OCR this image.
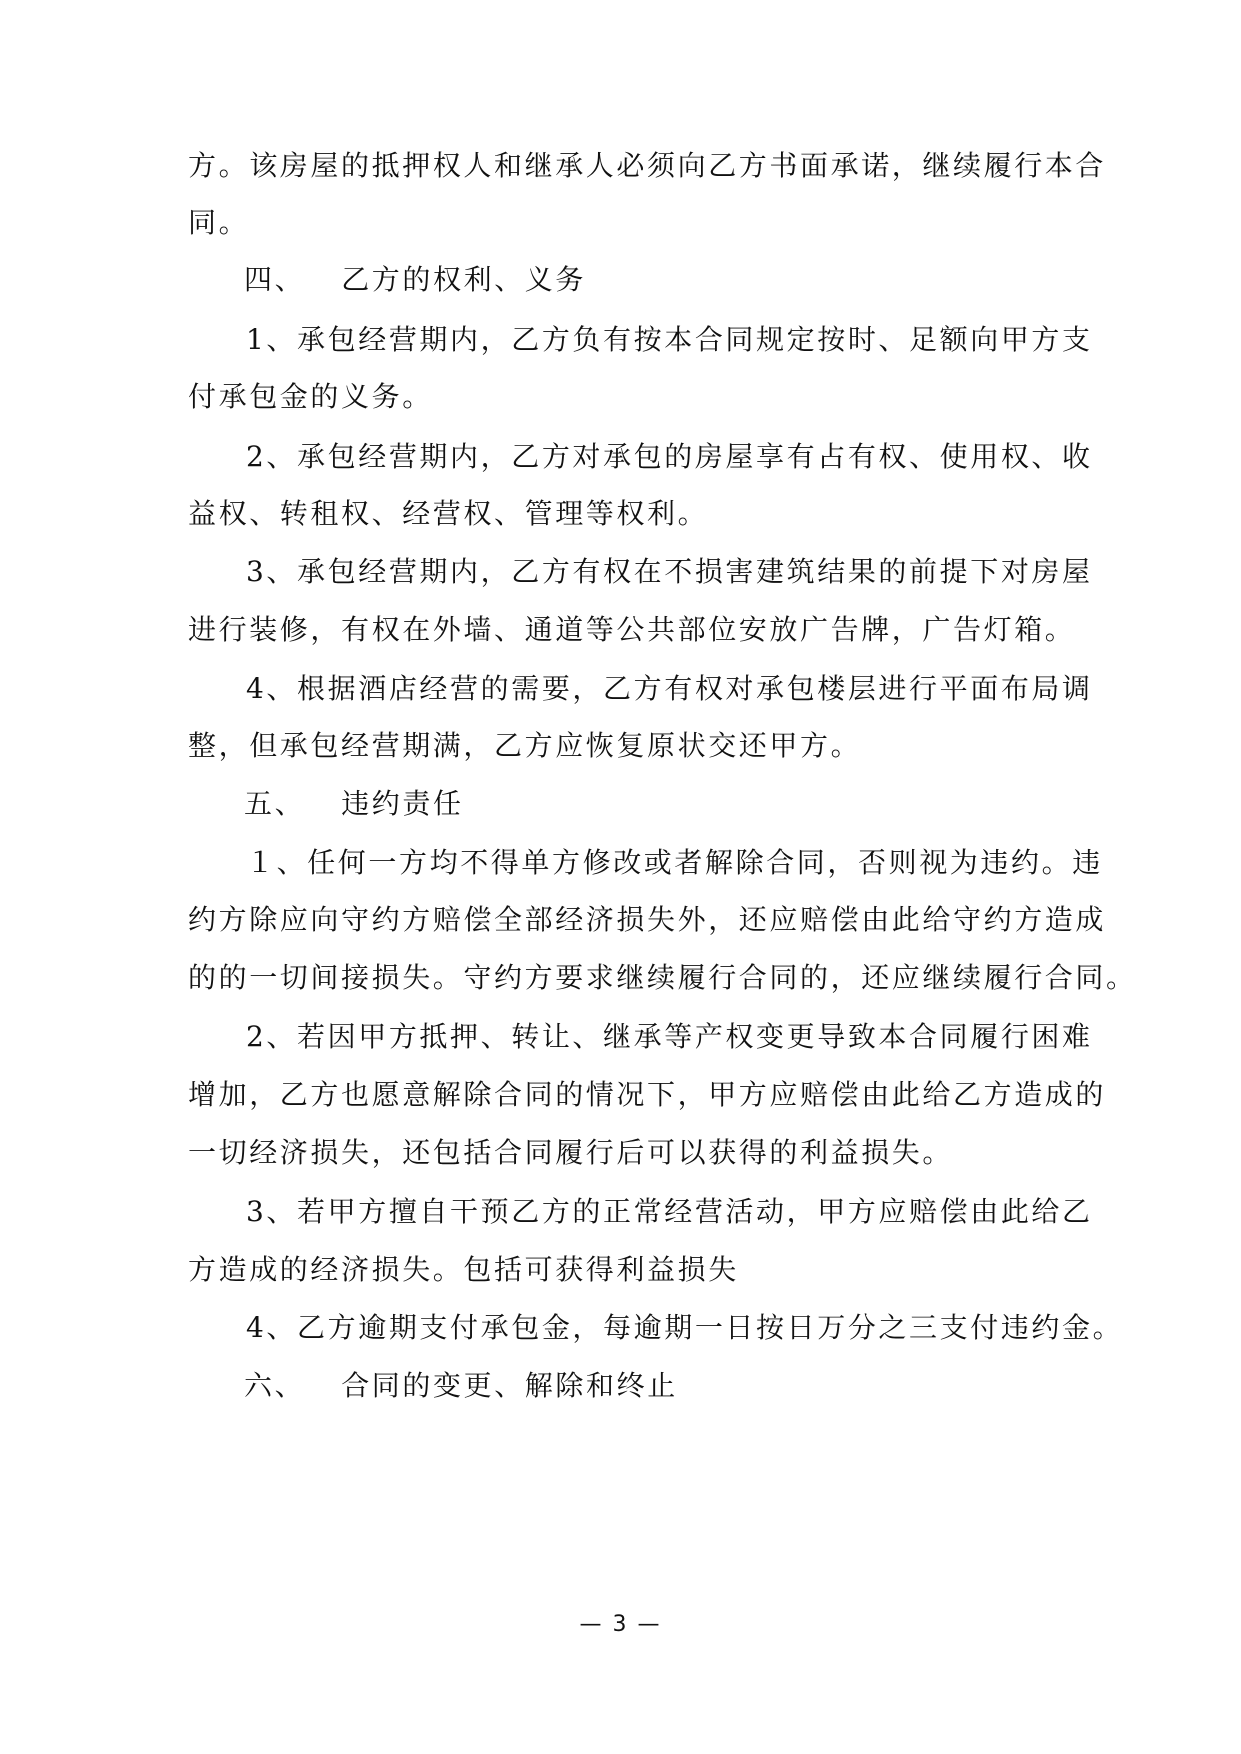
方。该房屋的抵押权人和继承人必须向乙方书面承诺，继续履行本合
同。
四、 乙方的权利、义务
1、承包经营期内，乙方负有按本合同规定按时、足额向甲方支
付承包金的义务。
2、承包经营期内，乙方对承包的房屋享有占有权、使用权、收
益权、转租权、经营权、管理等权利。
3、承包经营期内，乙方有权在不损害建筑结果的前提下对房屋
进行装修，有权在外墙、通道等公共部位安放广告牌，广告灯箱。
4、根据酒店经营的需要，乙方有权对承包楼层进行平面布局调
整，但承包经营期满，乙方应恢复原状交还甲方。
五、 违约责任
１、任何一方均不得单方修改或者解除合同，否则视为违约。违
约方除应向守约方赔偿全部经济损失外，还应赔偿由此给守约方造成
的的一切间接损失。守约方要求继续履行合同的，还应继续履行合同。
2、若因甲方抵押、转让、继承等产权变更导致本合同履行困难
增加，乙方也愿意解除合同的情况下，甲方应赔偿由此给乙方造成的
一切经济损失，还包括合同履行后可以获得的利益损失。
3、若甲方擅自干预乙方的正常经营活动，甲方应赔偿由此给乙
方造成的经济损失。包括可获得利益损失
4、乙方逾期支付承包金，每逾期一日按日万分之三支付违约金。
六、 合同的变更、解除和终止
— 3 —
